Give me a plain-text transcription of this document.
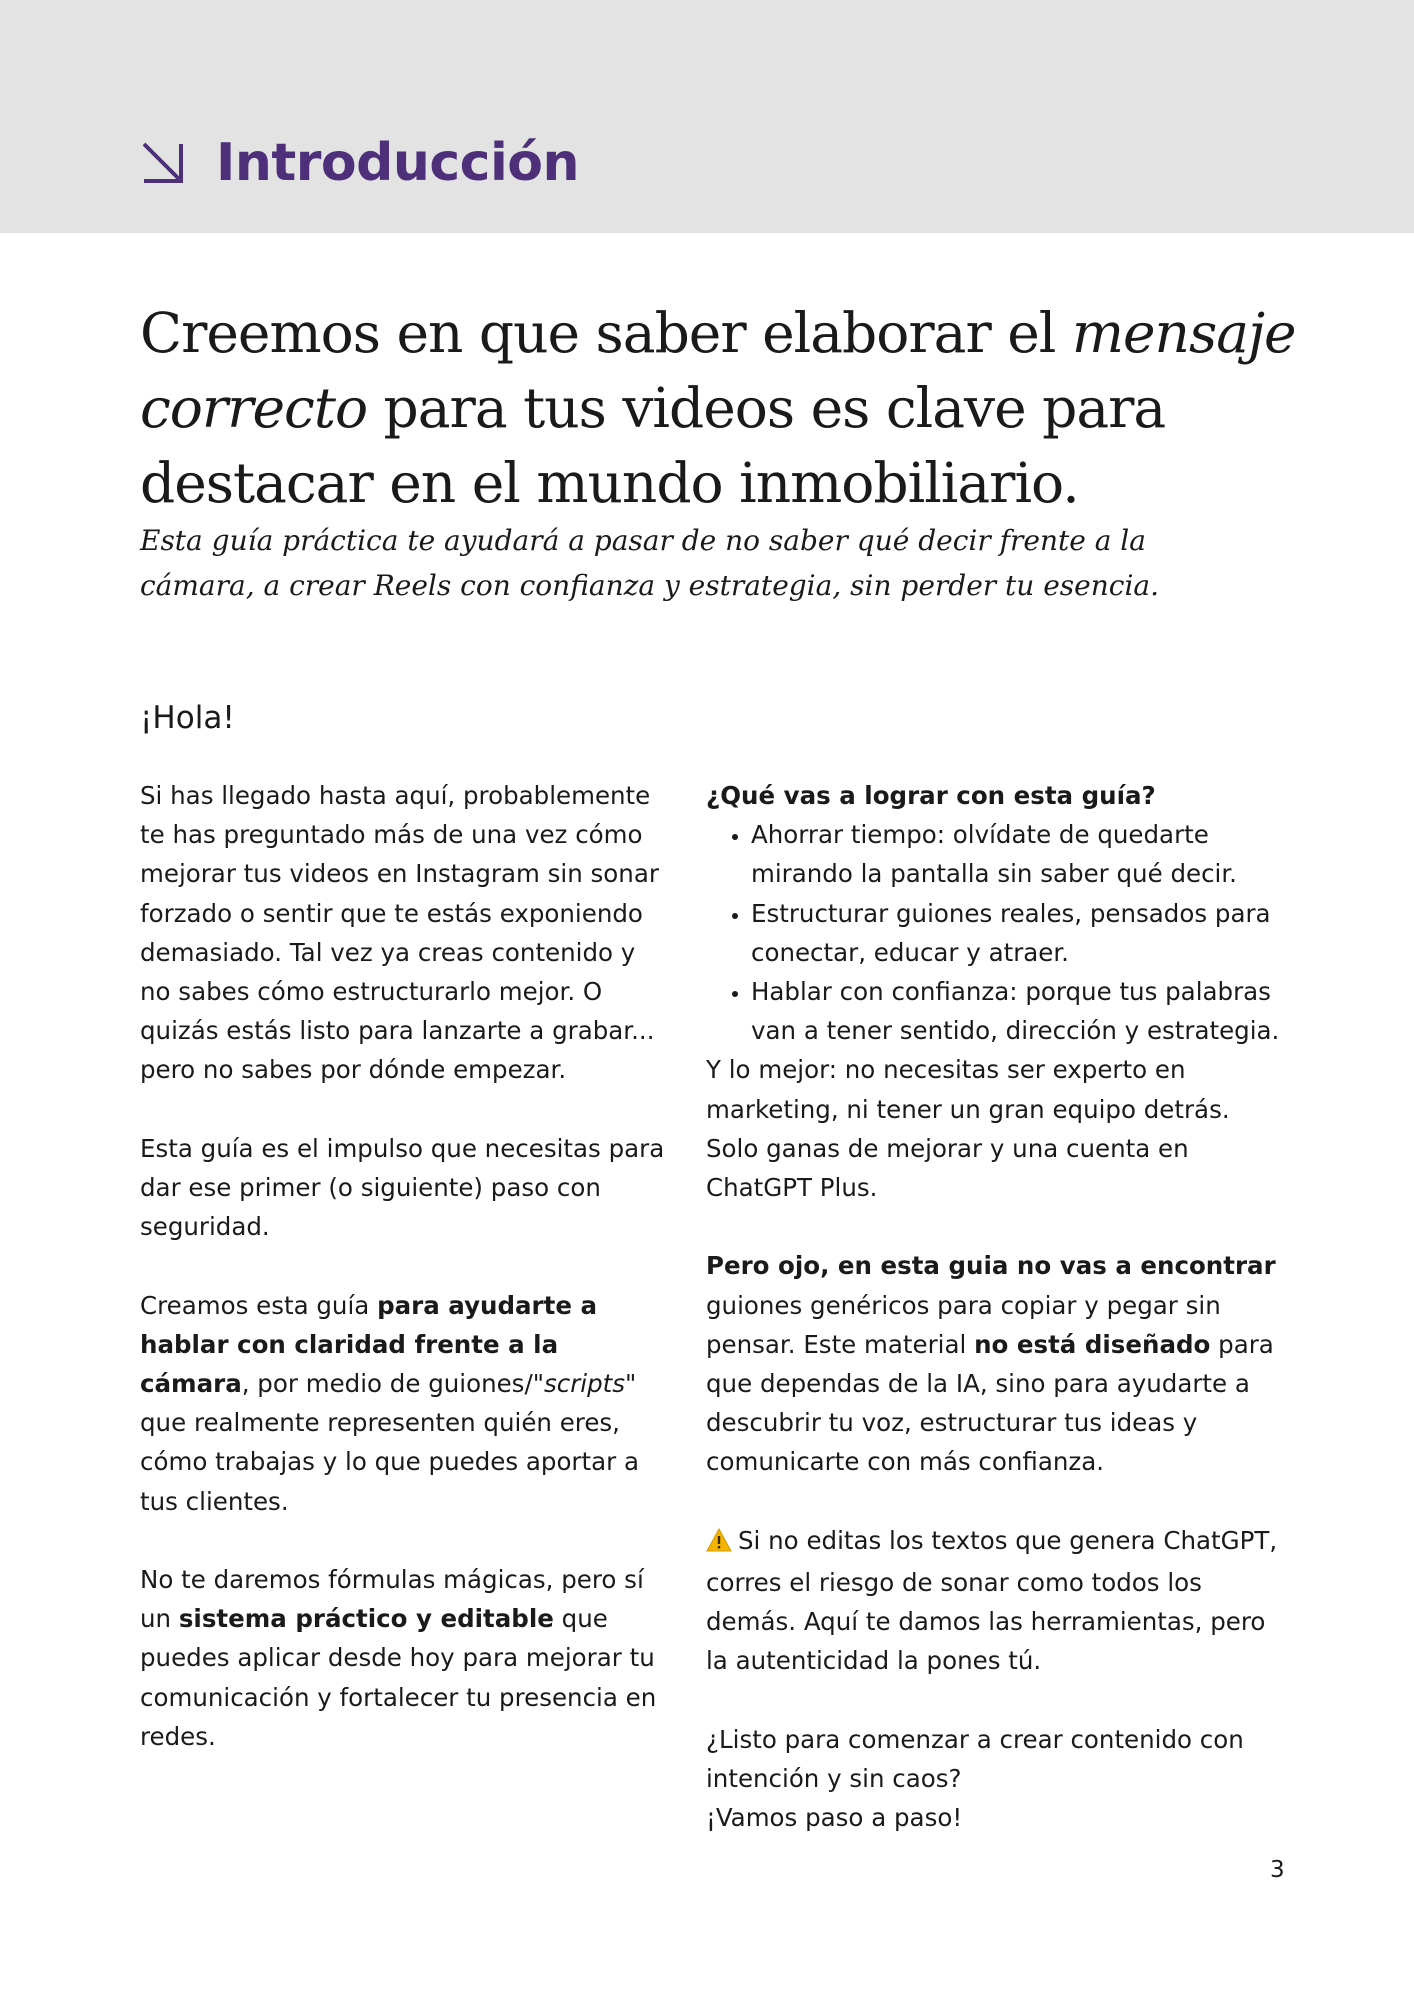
Introducción

Creemos en que saber elaborar el mensaje correcto para tus videos es clave para destacar en el mundo inmobiliario.

Esta guía práctica te ayudará a pasar de no saber qué decir frente a la cámara, a crear Reels con confianza y estrategia, sin perder tu esencia.

¡Hola!

Si has llegado hasta aquí, probablemente te has preguntado más de una vez cómo mejorar tus videos en Instagram sin sonar forzado o sentir que te estás exponiendo demasiado. Tal vez ya creas contenido y no sabes cómo estructurarlo mejor. O quizás estás listo para lanzarte a grabar... pero no sabes por dónde empezar.

Esta guía es el impulso que necesitas para dar ese primer (o siguiente) paso con seguridad.

Creamos esta guía para ayudarte a hablar con claridad frente a la cámara, por medio de guiones/"scripts" que realmente representen quién eres, cómo trabajas y lo que puedes aportar a tus clientes.

No te daremos fórmulas mágicas, pero sí un sistema práctico y editable que puedes aplicar desde hoy para mejorar tu comunicación y fortalecer tu presencia en redes.

¿Qué vas a lograr con esta guía?

• Ahorrar tiempo: olvídate de quedarte mirando la pantalla sin saber qué decir.
• Estructurar guiones reales, pensados para conectar, educar y atraer.
• Hablar con confianza: porque tus palabras van a tener sentido, dirección y estrategia.

Y lo mejor: no necesitas ser experto en marketing, ni tener un gran equipo detrás. Solo ganas de mejorar y una cuenta en ChatGPT Plus.

Pero ojo, en esta guia no vas a encontrar guiones genéricos para copiar y pegar sin pensar. Este material no está diseñado para que dependas de la IA, sino para ayudarte a descubrir tu voz, estructurar tus ideas y comunicarte con más confianza.

Si no editas los textos que genera ChatGPT, corres el riesgo de sonar como todos los demás. Aquí te damos las herramientas, pero la autenticidad la pones tú.

¿Listo para comenzar a crear contenido con intención y sin caos?
¡Vamos paso a paso!

3
